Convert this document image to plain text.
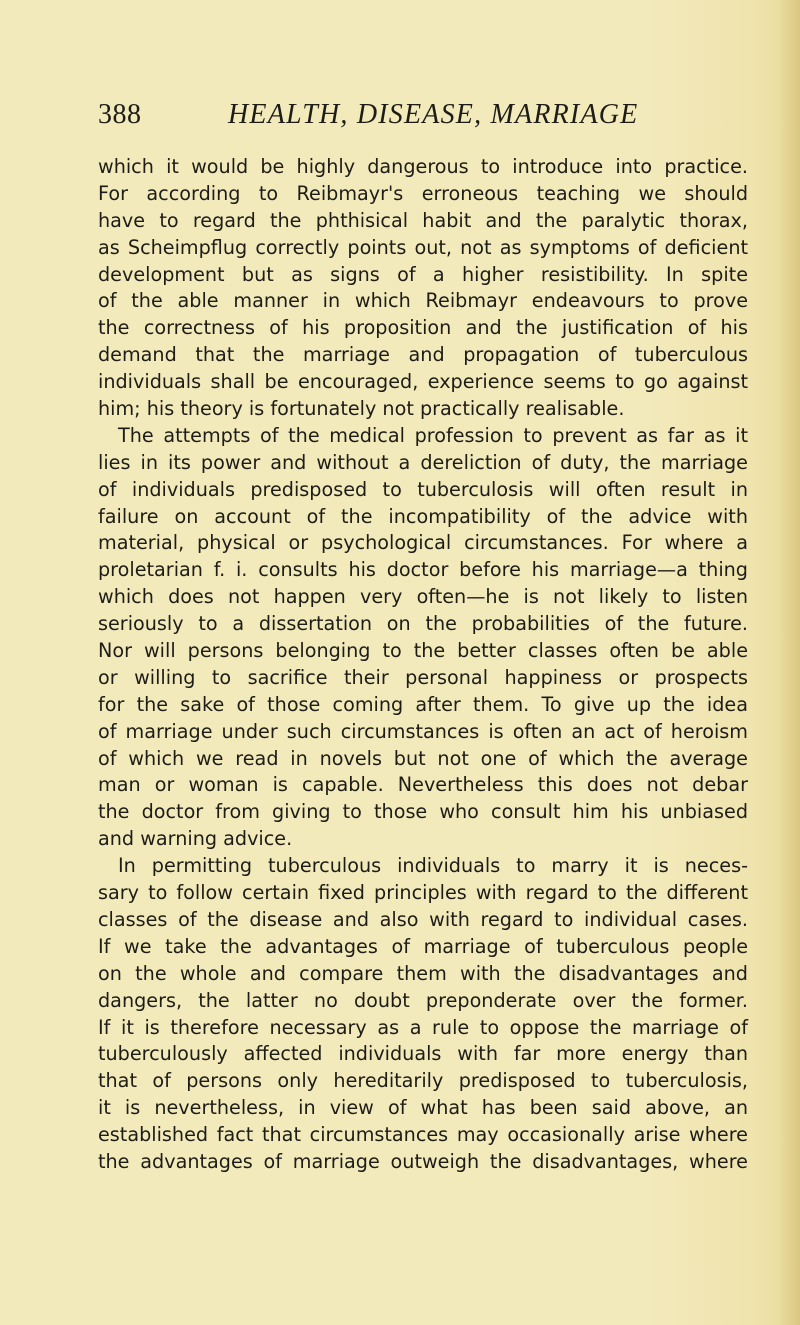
388	HEALTH, DISEASE, MARRIAGE
which it would be highly dangerous to introduce into practice.
For according to Reibmayr's erroneous teaching we should
have to regard the phthisical habit and the paralytic thorax,
as Scheimpflug correctly points out, not as symptoms of deficient
development but as signs of a higher resistibility. In spite
of the able manner in which Reibmayr endeavours to prove
the correctness of his proposition and the justification of his
demand that the marriage and propagation of tuberculous
individuals shall be encouraged, experience seems to go against
him; his theory is fortunately not practically realisable.
The attempts of the medical profession to prevent as far as it
lies in its power and without a dereliction of duty, the marriage
of individuals predisposed to tuberculosis will often result in
failure on account of the incompatibility of the advice with
material, physical or psychological circumstances. For where a
proletarian f. i. consults his doctor before his marriage—a thing
which does not happen very often—he is not likely to listen
seriously to a dissertation on the probabilities of the future.
Nor will persons belonging to the better classes often be able
or willing to sacrifice their personal happiness or prospects
for the sake of those coming after them. To give up the idea
of marriage under such circumstances is often an act of heroism
of which we read in novels but not one of which the average
man or woman is capable. Nevertheless this does not debar
the doctor from giving to those who consult him his unbiased
and warning advice.
In permitting tuberculous individuals to marry it is neces-
sary to follow certain fixed principles with regard to the different
classes of the disease and also with regard to individual cases.
If we take the advantages of marriage of tuberculous people
on the whole and compare them with the disadvantages and
dangers, the latter no doubt preponderate over the former.
If it is therefore necessary as a rule to oppose the marriage of
tuberculously affected individuals with far more energy than
that of persons only hereditarily predisposed to tuberculosis,
it is nevertheless, in view of what has been said above, an
established fact that circumstances may occasionally arise where
the advantages of marriage outweigh the disadvantages, where
